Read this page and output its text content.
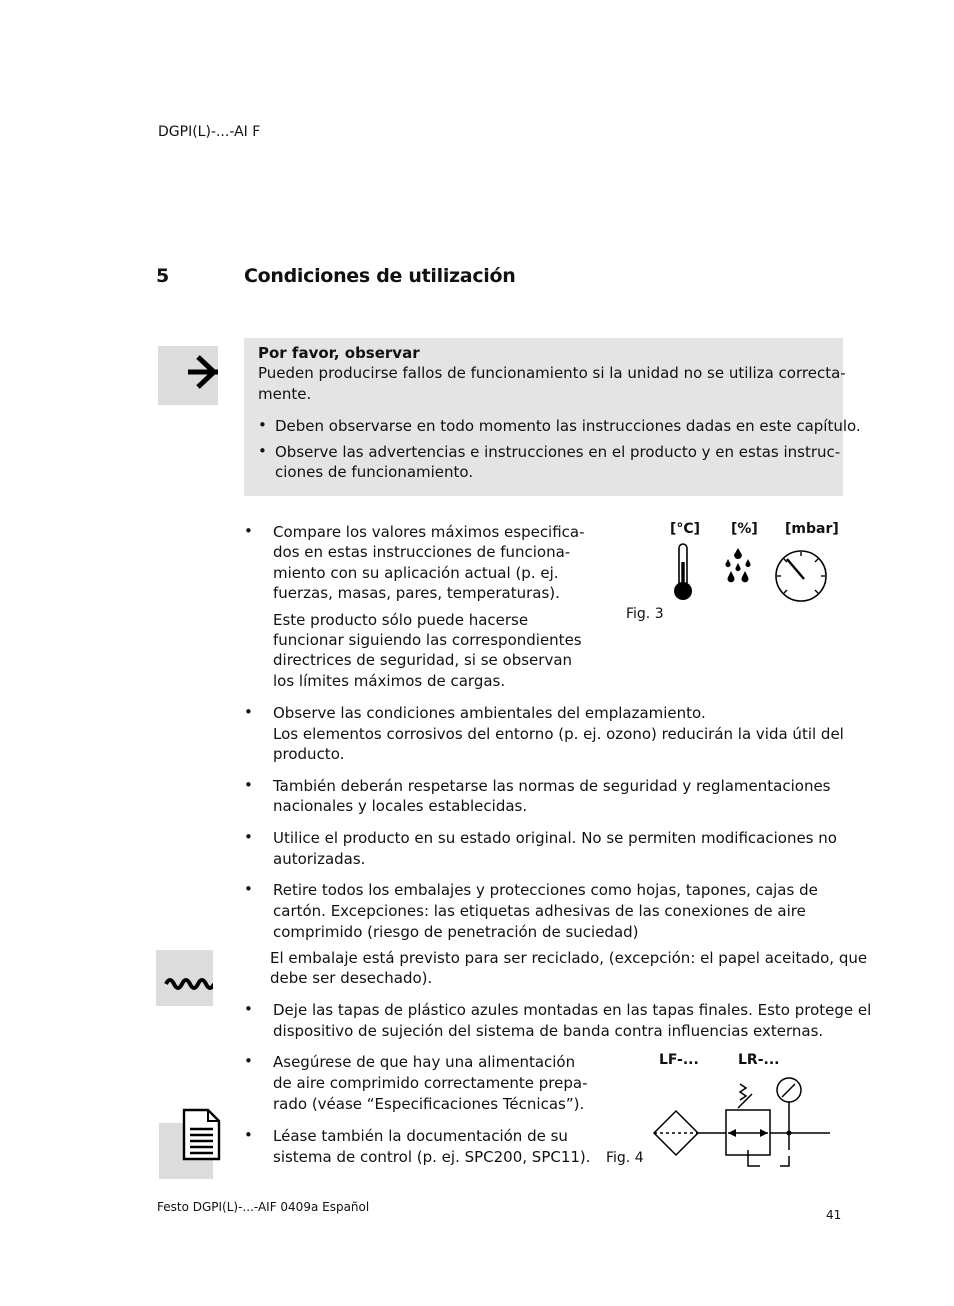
DGPI(L)-...-AI F
5	Condiciones de utilización
Por favor, observar
Pueden producirse fallos de funcionamiento si la unidad no se utiliza correcta-
mente.
• Deben observarse en todo momento las instrucciones dadas en este capítulo.
• Observe las advertencias e instrucciones en el producto y en estas instruc-
ciones de funcionamiento.
• Compare los valores máximos especifica-
dos en estas instrucciones de funciona-
miento con su aplicación actual (p. ej.
fuerzas, masas, pares, temperaturas).
Este producto sólo puede hacerse
funcionar siguiendo las correspondientes
directrices de seguridad, si se observan
los límites máximos de cargas.
[°C] [%] [mbar]
Fig. 3
• Observe las condiciones ambientales del emplazamiento.
Los elementos corrosivos del entorno (p. ej. ozono) reducirán la vida útil del
producto.
• También deberán respetarse las normas de seguridad y reglamentaciones
nacionales y locales establecidas.
• Utilice el producto en su estado original. No se permiten modificaciones no
autorizadas.
• Retire todos los embalajes y protecciones como hojas, tapones, cajas de
cartón. Excepciones: las etiquetas adhesivas de las conexiones de aire
comprimido (riesgo de penetración de suciedad)
El embalaje está previsto para ser reciclado, (excepción: el papel aceitado, que
debe ser desechado).
• Deje las tapas de plástico azules montadas en las tapas finales. Esto protege el
dispositivo de sujeción del sistema de banda contra influencias externas.
• Asegúrese de que hay una alimentación
de aire comprimido correctamente prepa-
rado (véase “Especificaciones Técnicas”).
• Léase también la documentación de su
sistema de control (p. ej. SPC200, SPC11).
LF-...	LR-...
Fig. 4
Festo DGPI(L)-...-AIF 0409a Español
41
